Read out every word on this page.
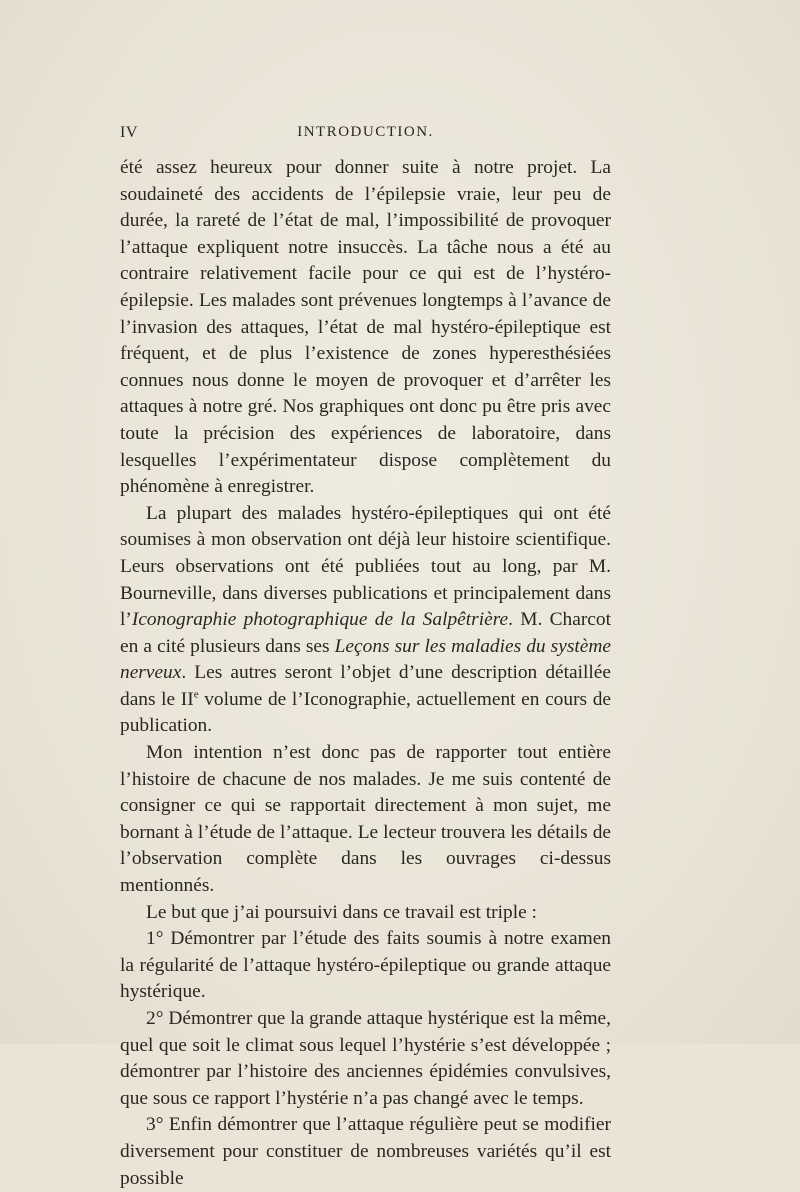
IV	INTRODUCTION.

été assez heureux pour donner suite à notre projet. La soudaineté des accidents de l’épilepsie vraie, leur peu de durée, la rareté de l’état de mal, l’impossibilité de provoquer l’attaque expliquent notre insuccès. La tâche nous a été au contraire relativement facile pour ce qui est de l’hystéro-épilepsie. Les malades sont prévenues longtemps à l’avance de l’invasion des attaques, l’état de mal hystéro-épileptique est fréquent, et de plus l’existence de zones hyperesthésiées connues nous donne le moyen de provoquer et d’arrêter les attaques à notre gré. Nos graphiques ont donc pu être pris avec toute la précision des expériences de laboratoire, dans lesquelles l’expérimentateur dispose complètement du phénomène à enregistrer.

La plupart des malades hystéro-épileptiques qui ont été soumises à mon observation ont déjà leur histoire scientifique. Leurs observations ont été publiées tout au long, par M. Bourneville, dans diverses publications et principalement dans l’Iconographie photographique de la Salpêtrière. M. Charcot en a cité plusieurs dans ses Leçons sur les maladies du système nerveux. Les autres seront l’objet d’une description détaillée dans le IIe volume de l’Iconographie, actuellement en cours de publication.

Mon intention n’est donc pas de rapporter tout entière l’histoire de chacune de nos malades. Je me suis contenté de consigner ce qui se rapportait directement à mon sujet, me bornant à l’étude de l’attaque. Le lecteur trouvera les détails de l’observation complète dans les ouvrages ci-dessus mentionnés.

Le but que j’ai poursuivi dans ce travail est triple :

1° Démontrer par l’étude des faits soumis à notre examen la régularité de l’attaque hystéro-épileptique ou grande attaque hystérique.

2° Démontrer que la grande attaque hystérique est la même, quel que soit le climat sous lequel l’hystérie s’est développée ; démontrer par l’histoire des anciennes épidémies convulsives, que sous ce rapport l’hystérie n’a pas changé avec le temps.

3° Enfin démontrer que l’attaque régulière peut se modifier diversement pour constituer de nombreuses variétés qu’il est possible
